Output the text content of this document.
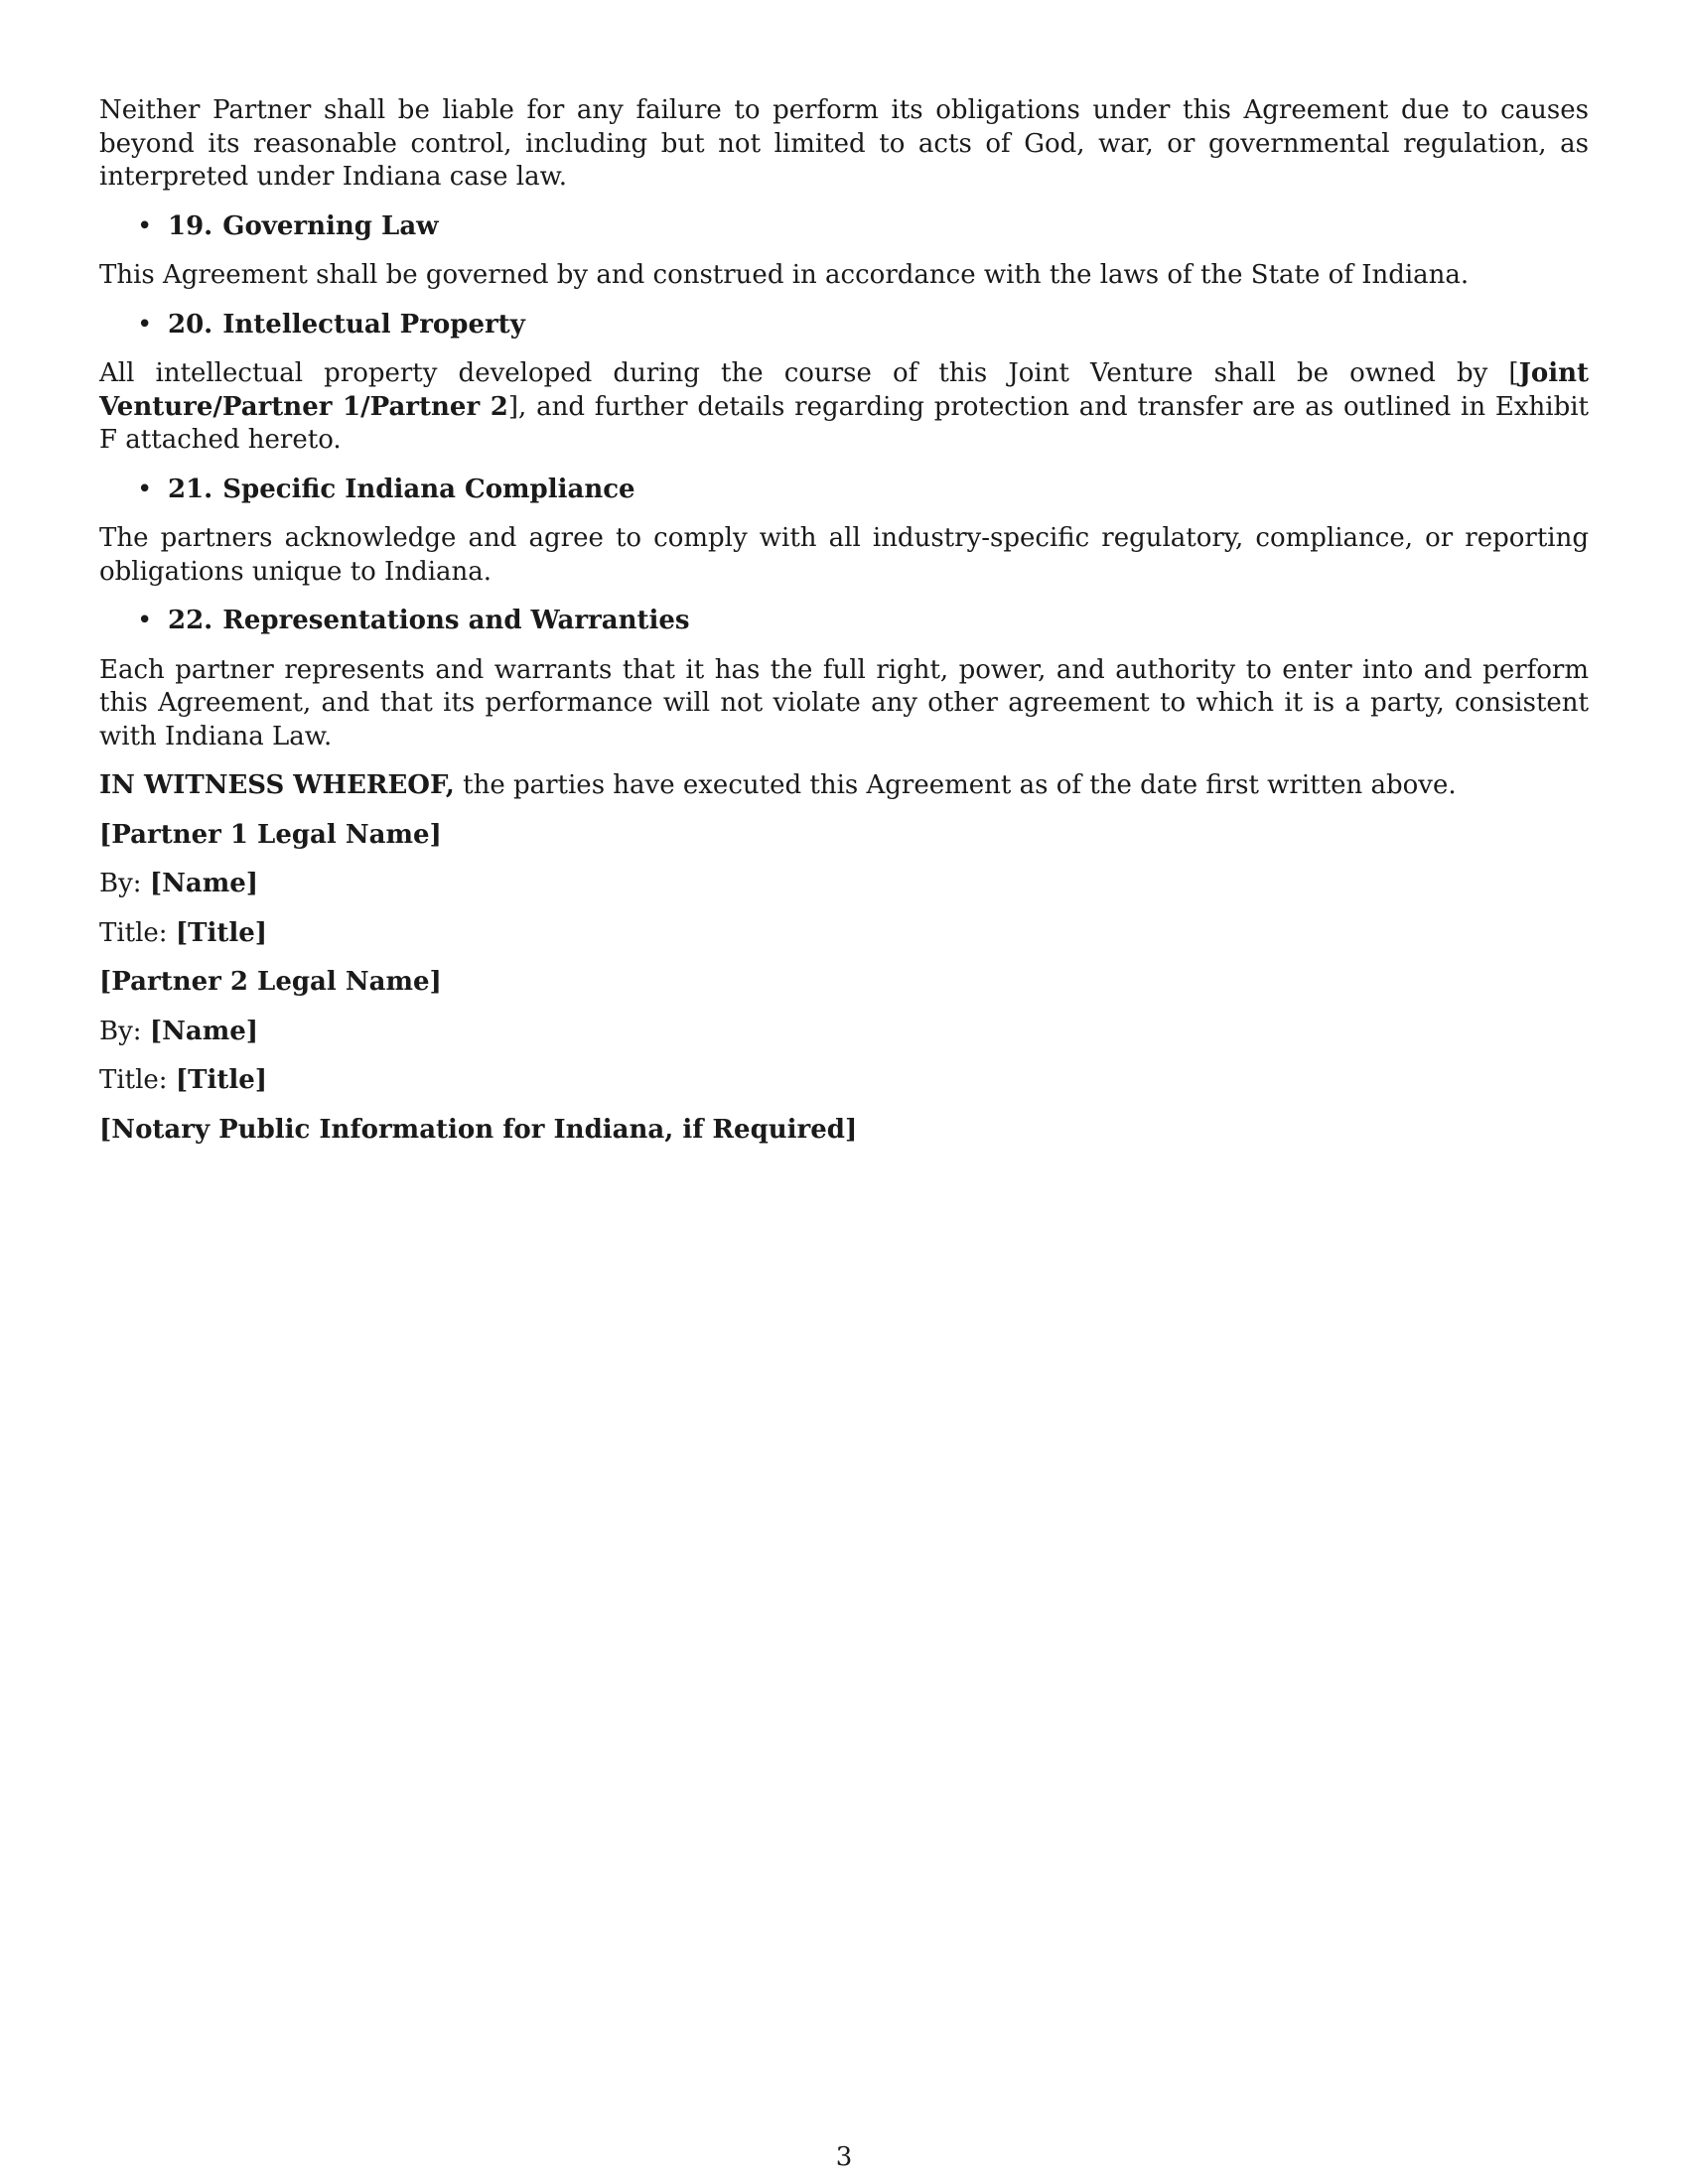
Neither Partner shall be liable for any failure to perform its obligations under this Agreement due to causes beyond its reasonable control, including but not limited to acts of God, war, or governmental regulation, as interpreted under Indiana case law.

• 19. Governing Law

This Agreement shall be governed by and construed in accordance with the laws of the State of Indiana.

• 20. Intellectual Property

All intellectual property developed during the course of this Joint Venture shall be owned by [Joint Venture/Partner 1/Partner 2], and further details regarding protection and transfer are as outlined in Exhibit F attached hereto.

• 21. Specific Indiana Compliance

The partners acknowledge and agree to comply with all industry-specific regulatory, compliance, or reporting obligations unique to Indiana.

• 22. Representations and Warranties

Each partner represents and warrants that it has the full right, power, and authority to enter into and perform this Agreement, and that its performance will not violate any other agreement to which it is a party, consistent with Indiana Law.

IN WITNESS WHEREOF, the parties have executed this Agreement as of the date first written above.

[Partner 1 Legal Name]

By: [Name]

Title: [Title]

[Partner 2 Legal Name]

By: [Name]

Title: [Title]

[Notary Public Information for Indiana, if Required]

3
